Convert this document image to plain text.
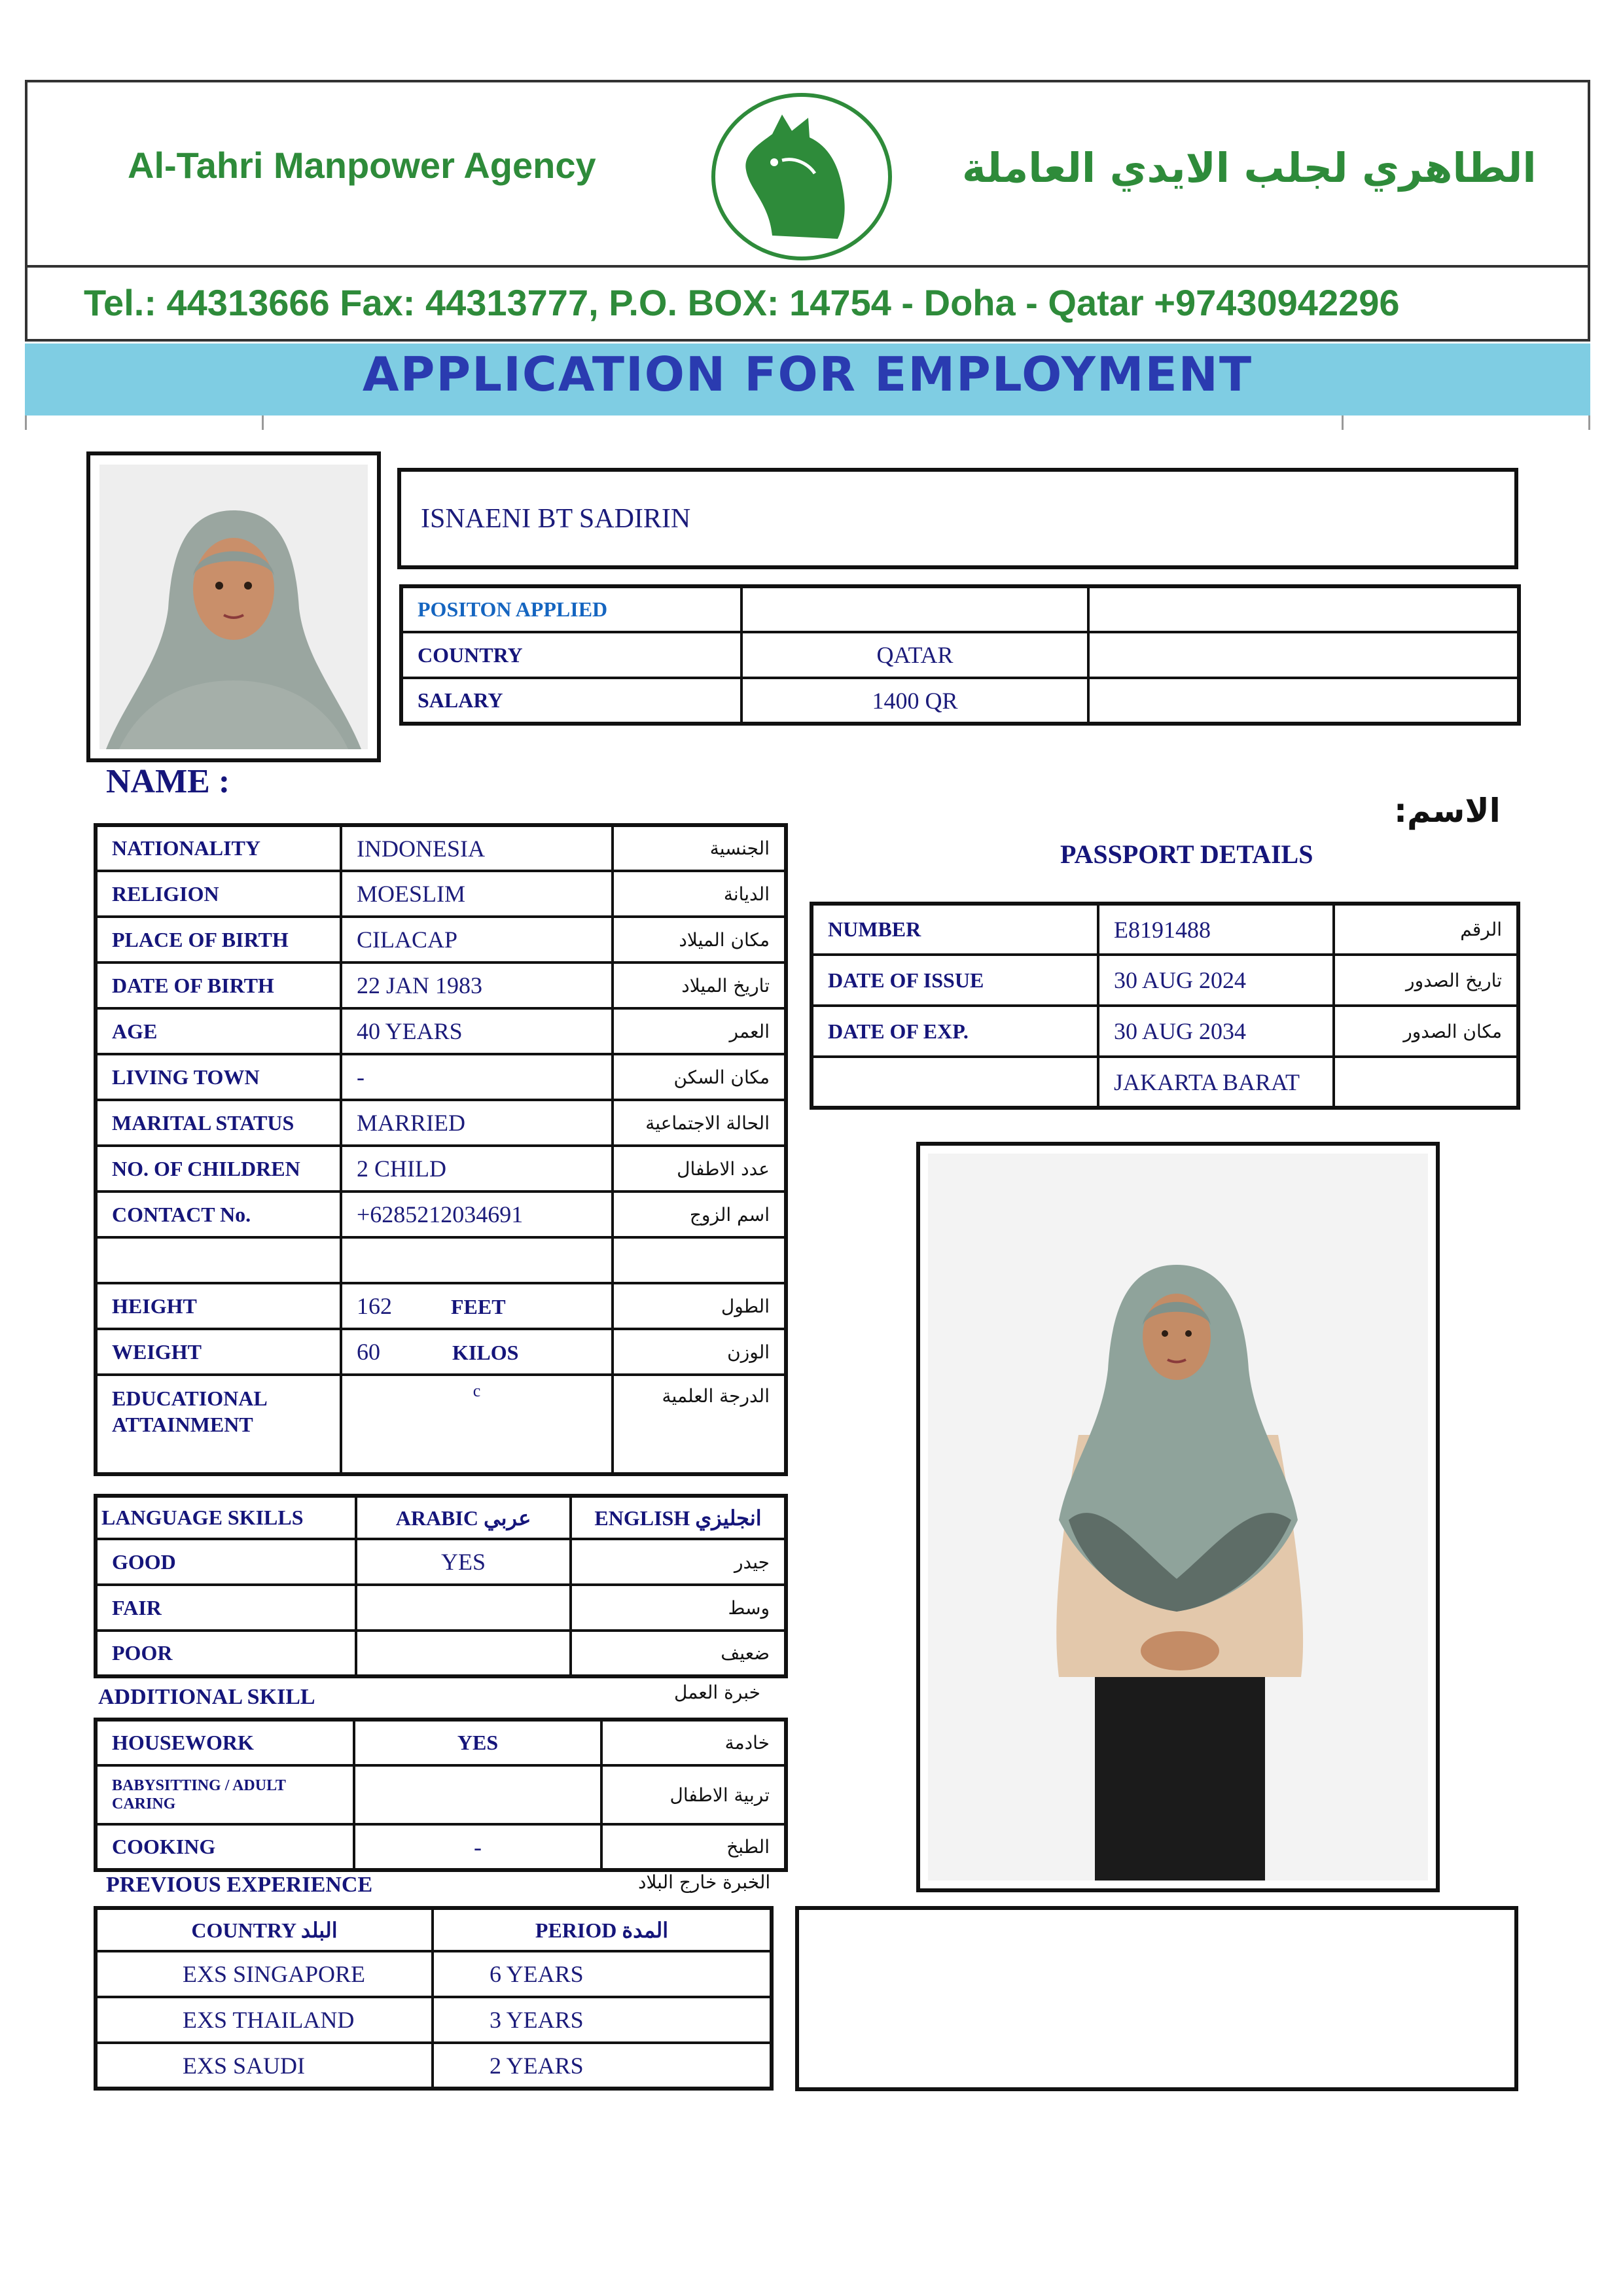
Al-Tahri Manpower Agency	الطاهري لجلب الايدي العاملة
Tel.: 44313666 Fax: 44313777, P.O. BOX: 14754 - Doha - Qatar +97430942296
APPLICATION FOR EMPLOYMENT
ISNAENI BT SADIRIN
POSITON APPLIED		
COUNTRY	QATAR	
SALARY	1400 QR	
NAME :
الاسم:
NATIONALITY	INDONESIA	الجنسية
RELIGION	MOESLIM	الديانة
PLACE OF BIRTH	CILACAP	مكان الميلاد
DATE OF BIRTH	22 JAN 1983	تاريخ الميلاد
AGE	40 YEARS	العمر
LIVING TOWN	-	مكان السكن
MARITAL STATUS	MARRIED	الحالة الاجتماعية
NO. OF CHILDREN	2 CHILD	عدد الاطفال
CONTACT No.	+6285212034691	اسم الزوج

HEIGHT	162 FEET	الطول
WEIGHT	60 KILOS	الوزن

EDUCATIONAL
ATTAINMENT	c	الدرجة العلمية
PASSPORT DETAILS
NUMBER	E8191488	الرقم
DATE OF ISSUE	30 AUG 2024	تاريخ الصدور
DATE OF EXP.	30 AUG 2034	مكان الصدور
	JAKARTA BARAT	
LANGUAGE SKILLS	ARABIC عربي	ENGLISH انجليزي
GOOD	YES	جيدر
FAIR		وسط
POOR		ضعيف
ADDITIONAL SKILL	خبرة العمل
HOUSEWORK	YES	خادمة

BABYSITTING / ADULT
CARING		تربية الاطفال
COOKING	-	الطبخ
PREVIOUS EXPERIENCE	الخبرة خارج البلاد
COUNTRY البلد	PERIOD المدة
EXS SINGAPORE	6 YEARS
EXS THAILAND	3 YEARS
EXS SAUDI	2 YEARS
